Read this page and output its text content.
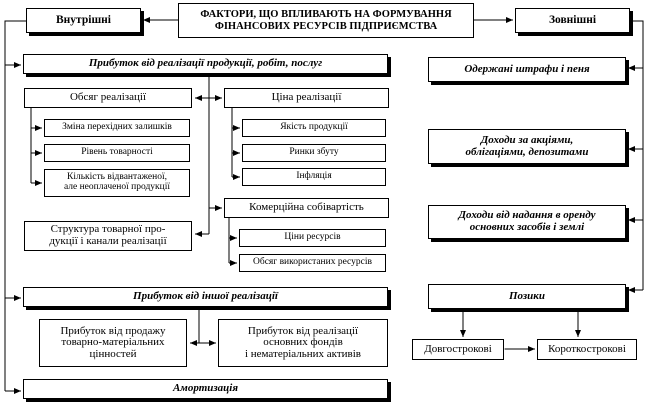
ФАКТОРИ, ЩО ВПЛИВАЮТЬ НА ФОРМУВАННЯ
ФІНАНСОВИХ РЕСУРСІВ ПІДПРИЄМСТВА
Внутрішні	Зовнішні
Прибуток від реалізації продукції, робіт, послуг
Обсяг реалізації
Зміна перехідних залишків
Рівень товарності
Кількість відвантаженої,
але неоплаченої продукції
Ціна реалізації
Якість продукції
Ринки збуту
Інфляція
Комерційна собівартість
Ціни ресурсів
Обсяг використаних ресурсів
Структура товарної про-
дукції і канали реалізації
Прибуток від іншої реалізації
Прибуток від продажу
товарно-матеріальних
цінностей
Прибуток від реалізації
основних фондів
і нематеріальних активів
Амортизація
Одержані штрафи і пеня
Доходи за акціями,
облігаціями, депозитами
Доходи від надання в оренду
основних засобів і землі
Позики
Довгострокові	Короткострокові
